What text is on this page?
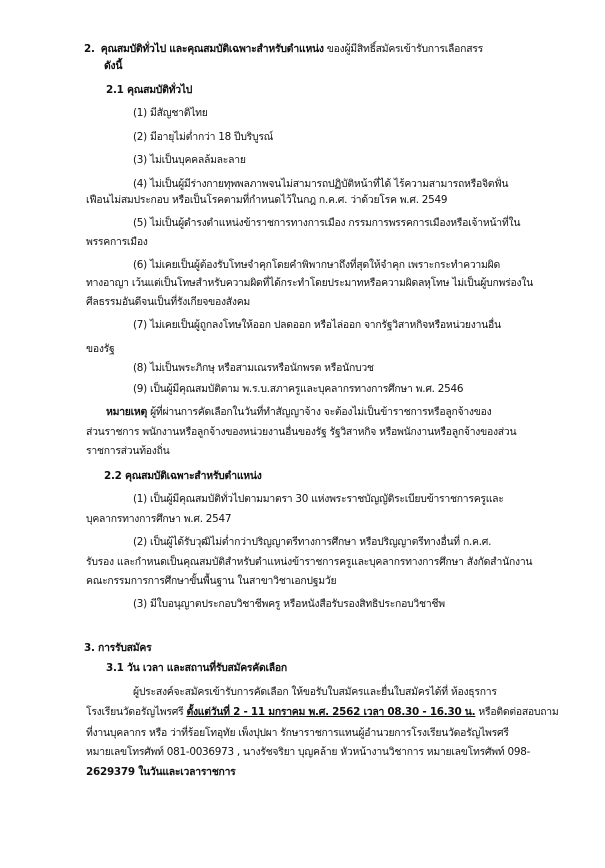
2. คุณสมบัติทั่วไป และคุณสมบัติเฉพาะสำหรับตำแหน่ง ของผู้มีสิทธิ์สมัครเข้ารับการเลือกสรร
ดังนี้
2.1 คุณสมบัติทั่วไป
(1) มีสัญชาติไทย
(2) มีอายุไม่ต่ำกว่า 18 ปีบริบูรณ์
(3) ไม่เป็นบุคคลล้มละลาย
(4) ไม่เป็นผู้มีร่างกายทุพพลภาพจนไม่สามารถปฏิบัติหน้าที่ได้ ไร้ความสามารถหรือจิตฟั่น
เฟือนไม่สมประกอบ หรือเป็นโรคตามที่กำหนดไว้ในกฎ ก.ค.ศ. ว่าด้วยโรค พ.ศ. 2549
(5) ไม่เป็นผู้ดำรงตำแหน่งข้าราชการทางการเมือง กรรมการพรรคการเมืองหรือเจ้าหน้าที่ใน
พรรคการเมือง
(6) ไม่เคยเป็นผู้ต้องรับโทษจำคุกโดยคำพิพากษาถึงที่สุดให้จำคุก เพราะกระทำความผิด
ทางอาญา เว้นแต่เป็นโทษสำหรับความผิดที่ได้กระทำโดยประมาทหรือความผิดลหุโทษ ไม่เป็นผู้บกพร่องใน
ศีลธรรมอันดีจนเป็นที่รังเกียจของสังคม
(7) ไม่เคยเป็นผู้ถูกลงโทษให้ออก ปลดออก หรือไล่ออก จากรัฐวิสาหกิจหรือหน่วยงานอื่น
ของรัฐ
(8) ไม่เป็นพระภิกษุ หรือสามเณรหรือนักพรต หรือนักบวช
(9) เป็นผู้มีคุณสมบัติตาม พ.ร.บ.สภาครูและบุคลากรทางการศึกษา พ.ศ. 2546
หมายเหตุ ผู้ที่ผ่านการคัดเลือกในวันที่ทำสัญญาจ้าง จะต้องไม่เป็นข้าราชการหรือลูกจ้างของ
ส่วนราชการ พนักงานหรือลูกจ้างของหน่วยงานอื่นของรัฐ รัฐวิสาหกิจ หรือพนักงานหรือลูกจ้างของส่วน
ราชการส่วนท้องถิ่น
2.2 คุณสมบัติเฉพาะสำหรับตำแหน่ง
(1) เป็นผู้มีคุณสมบัติทั่วไปตามมาตรา 30 แห่งพระราชบัญญัติระเบียบข้าราชการครูและ
บุคลากรทางการศึกษา พ.ศ. 2547
(2) เป็นผู้ได้รับวุฒิไม่ต่ำกว่าปริญญาตรีทางการศึกษา หรือปริญญาตรีทางอื่นที่ ก.ค.ศ.
รับรอง และกำหนดเป็นคุณสมบัติสำหรับตำแหน่งข้าราชการครูและบุคลากรทางการศึกษา สังกัดสำนักงาน
คณะกรรมการการศึกษาขั้นพื้นฐาน ในสาขาวิชาเอกปฐมวัย
(3) มีใบอนุญาตประกอบวิชาชีพครู หรือหนังสือรับรองสิทธิประกอบวิชาชีพ
3. การรับสมัคร
3.1 วัน เวลา และสถานที่รับสมัครคัดเลือก
ผู้ประสงค์จะสมัครเข้ารับการคัดเลือก ให้ขอรับใบสมัครและยื่นใบสมัครได้ที่ ห้องธุรการ
โรงเรียนวัดอรัญไพรศรี ตั้งแต่วันที่ 2 - 11 มกราคม พ.ศ. 2562 เวลา 08.30 - 16.30 น. หรือติดต่อสอบถาม
ที่งานบุคลากร หรือ ว่าที่ร้อยโทอุทัย เพ็งปุปผา รักษาราชการแทนผู้อำนวยการโรงเรียนวัดอรัญไพรศรี
หมายเลขโทรศัพท์ 081-0036973 , นางรัชจริยา บุญคล้าย หัวหน้างานวิชาการ หมายเลขโทรศัพท์ 098-
2629379 ในวันและเวลาราชการ
